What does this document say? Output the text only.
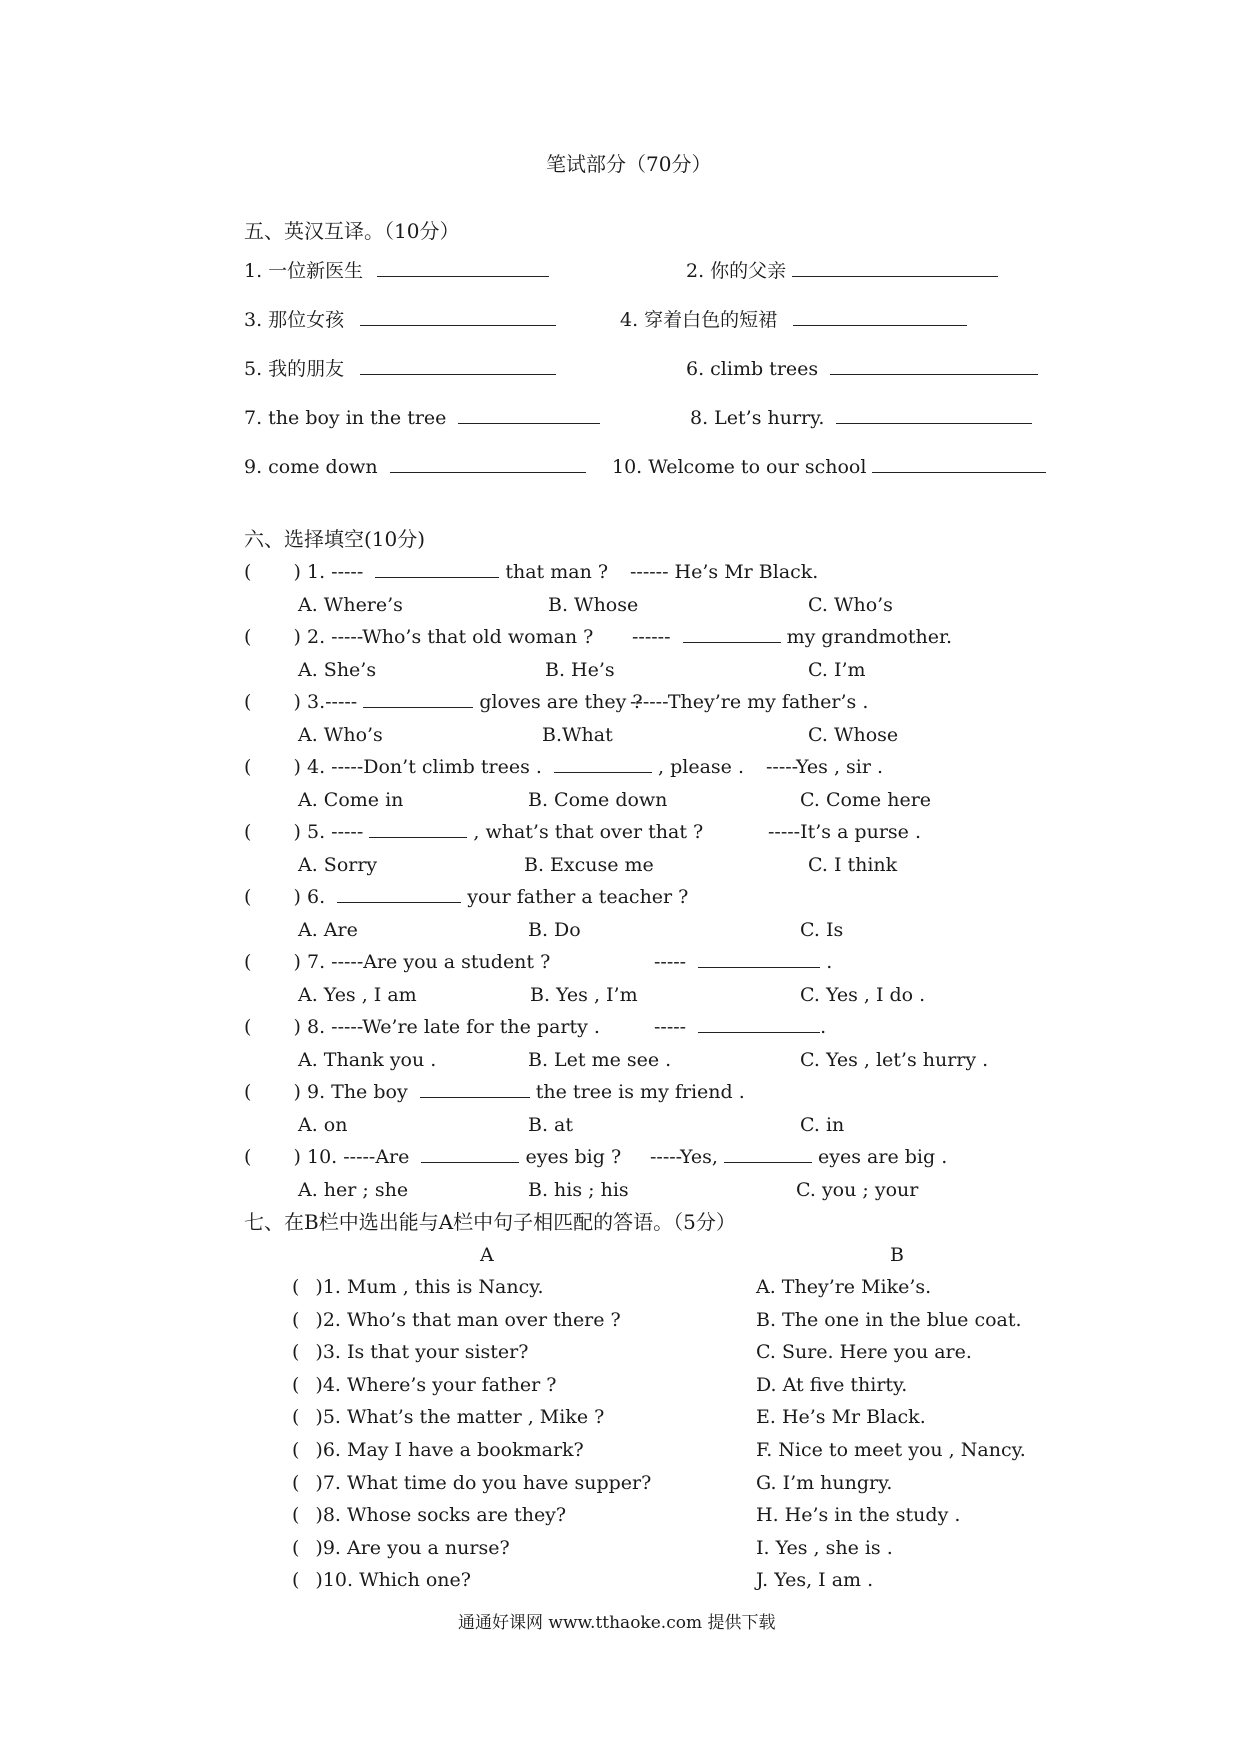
笔试部分（70分）
五、英汉互译。（10分）
1. 一位新医生	2. 你的父亲
3. 那位女孩	4. 穿着白色的短裙
5. 我的朋友	6. climb trees
7. the boy in the tree	8. Let’s hurry.
9. come down	10. Welcome to our school
六、选择填空(10分)
( ) 1. -----	that man ? ------ He’s Mr Black.
A. Where’s	B. Whose	C. Who’s
( ) 2. -----Who’s that old woman ? ------	my grandmother.
A. She’s	B. He’s	C. I’m
( ) 3.-----	gloves are they ?
------They’re my father’s .
A. Who’s	B.What	C. Whose
( ) 4. -----Don’t climb trees .	, please . -----Yes , sir .
A. Come in	B. Come down	C. Come here
( ) 5. -----	, what’s that over that ?	-----It’s a purse .
A. Sorry	B. Excuse me	C. I think
( ) 6.	your father a teacher ?
A. Are	B. Do	C. Is
( ) 7. -----Are you a student ?	-----	.
A. Yes , I am	B. Yes , I’m	C. Yes , I do .
( ) 8. -----We’re late for the party .	-----	.
A. Thank you .	B. Let me see .	C. Yes , let’s hurry .
( ) 9. The boy	the tree is my friend .
A. on	B. at	C. in
( ) 10. -----Are	eyes big ? -----Yes,	eyes are big .
A. her ; she	B. his ; his	C. you ; your
七、在B栏中选出能与A栏中句子相匹配的答语。（5分）
A	B
( )1. Mum , this is Nancy.	A. They’re Mike’s.
( )2. Who’s that man over there ?	B. The one in the blue coat.
( )3. Is that your sister?	C. Sure. Here you are.
( )4. Where’s your father ?	D. At five thirty.
( )5. What’s the matter , Mike ?	E. He’s Mr Black.
( )6. May I have a bookmark?	F. Nice to meet you , Nancy.
( )7. What time do you have supper?	G. I’m hungry.
( )8. Whose socks are they?	H. He’s in the study .
( )9. Are you a nurse?	I. Yes , she is .
( )10. Which one?	J. Yes, I am .
通通好课网 www.tthaoke.com 提供下载
